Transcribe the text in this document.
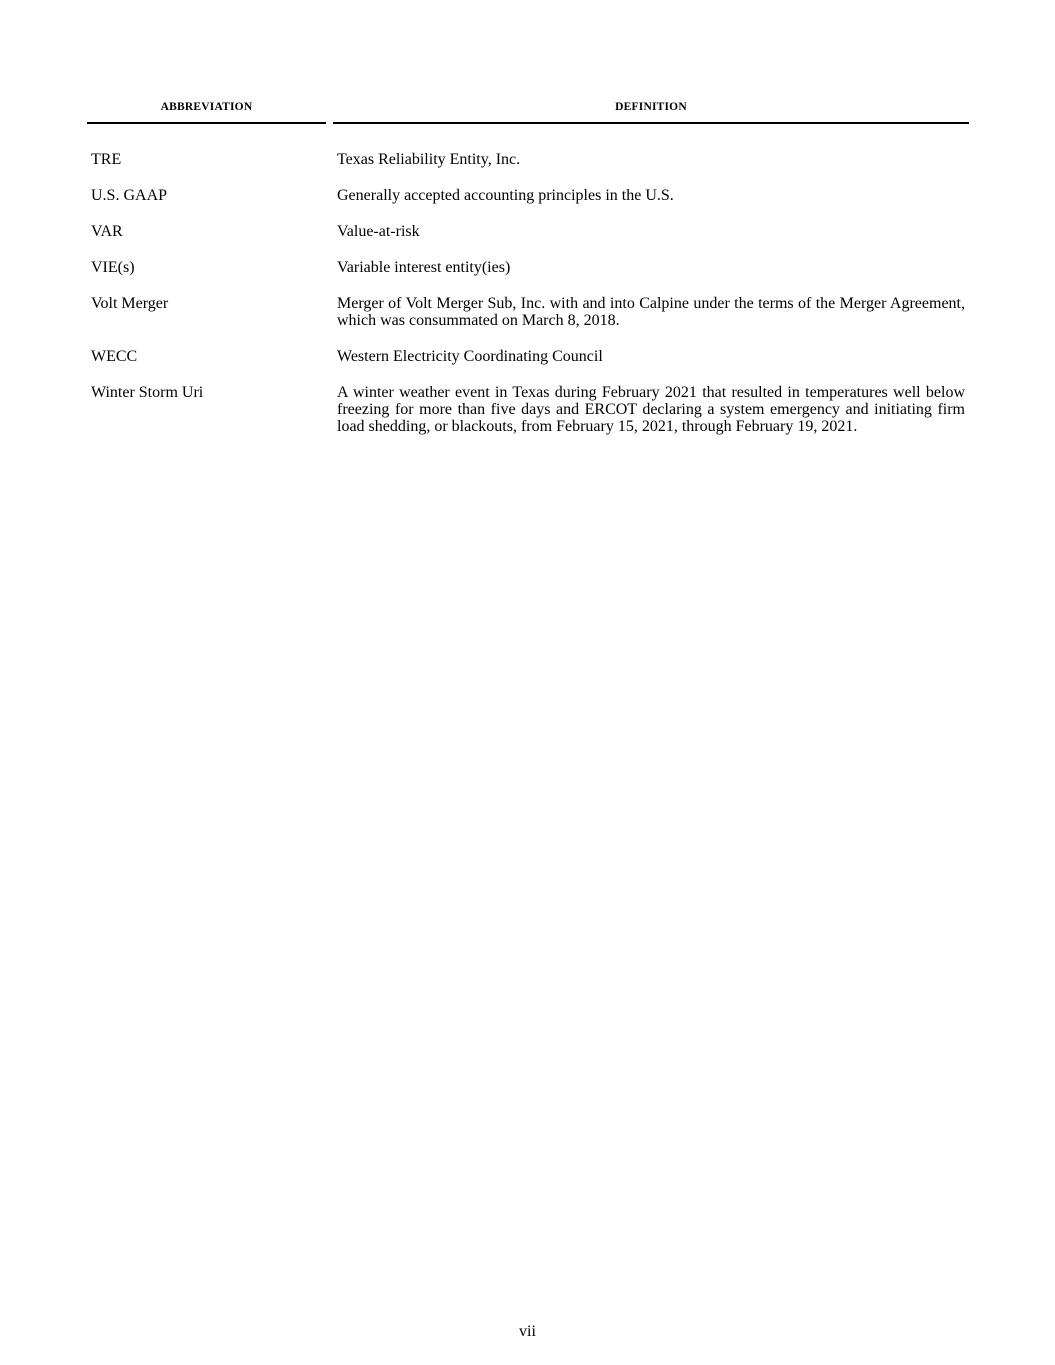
ABBREVIATION	DEFINITION
TRE	Texas Reliability Entity, Inc.
U.S. GAAP	Generally accepted accounting principles in the U.S.
VAR	Value-at-risk
VIE(s)	Variable interest entity(ies)
Volt Merger	Merger of Volt Merger Sub, Inc. with and into Calpine under the terms of the Merger Agreement, which was consummated on March 8, 2018.
WECC	Western Electricity Coordinating Council
Winter Storm Uri	A winter weather event in Texas during February 2021 that resulted in temperatures well below freezing for more than five days and ERCOT declaring a system emergency and initiating firm load shedding, or blackouts, from February 15, 2021, through February 19, 2021.
vii
